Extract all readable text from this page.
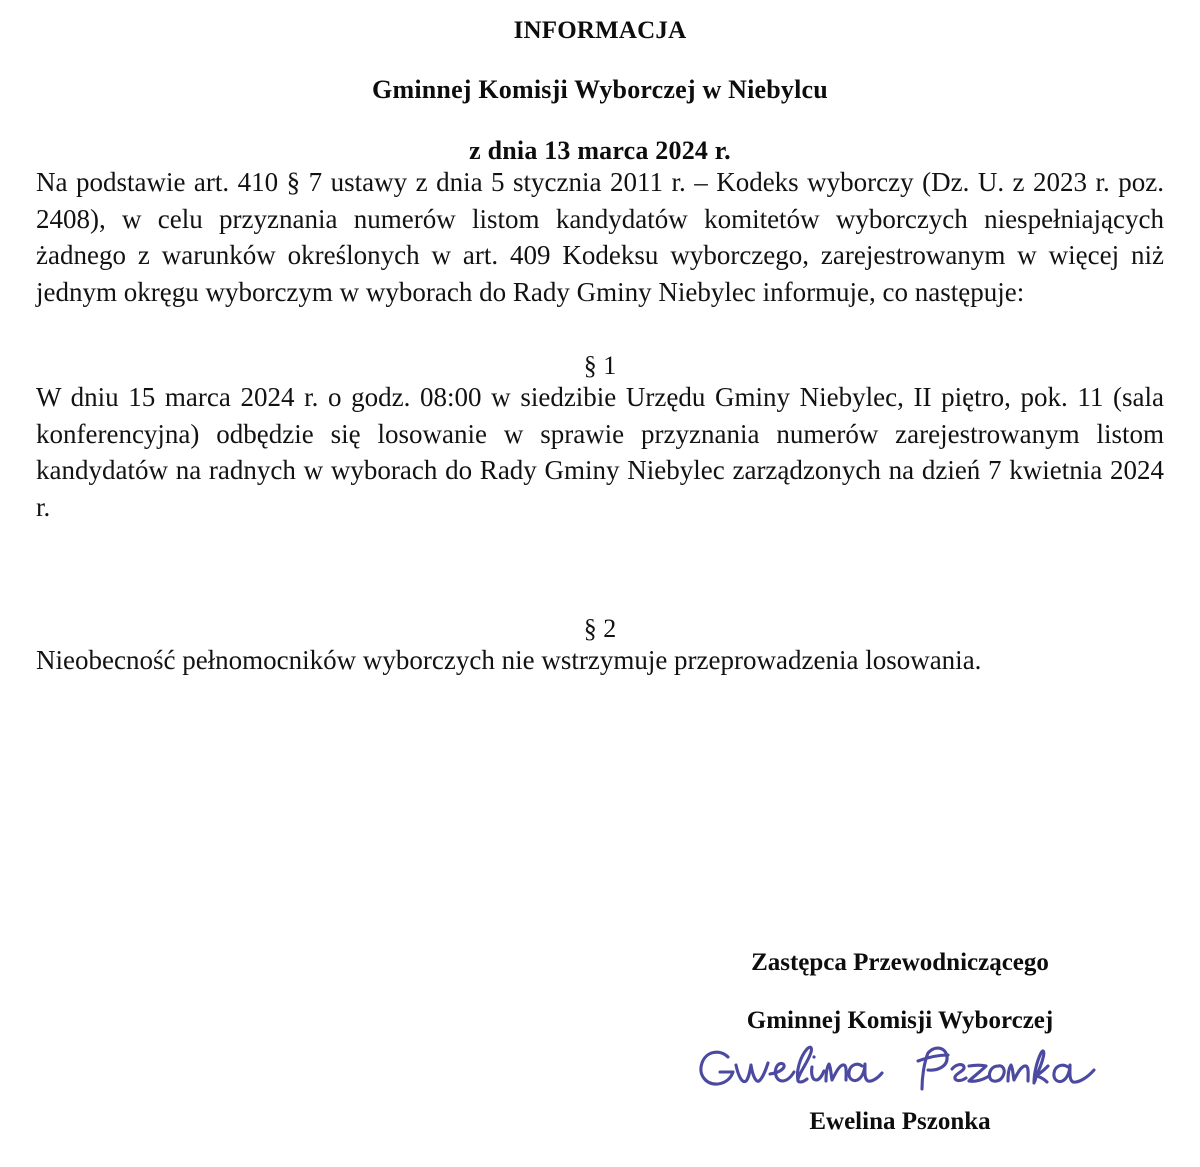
INFORMACJA
Gminnej Komisji Wyborczej w Niebylcu
z dnia 13 marca 2024 r.

Na podstawie art. 410 § 7 ustawy z dnia 5 stycznia 2011 r. – Kodeks wyborczy (Dz. U. z 2023 r. poz. 2408), w celu przyznania numerów listom kandydatów komitetów wyborczych niespełniających żadnego z warunków określonych w art. 409 Kodeksu wyborczego, zarejestrowanym w więcej niż jednym okręgu wyborczym w wyborach do Rady Gminy Niebylec informuje, co następuje:

§ 1

W dniu 15 marca 2024 r. o godz. 08:00 w siedzibie Urzędu Gminy Niebylec, II piętro, pok. 11 (sala konferencyjna) odbędzie się losowanie w sprawie przyznania numerów zarejestrowanym listom kandydatów na radnych w wyborach do Rady Gminy Niebylec zarządzonych na dzień 7 kwietnia 2024 r.

§ 2

Nieobecność pełnomocników wyborczych nie wstrzymuje przeprowadzenia losowania.

Zastępca Przewodniczącego
Gminnej Komisji Wyborczej
Ewelina Pszonka
